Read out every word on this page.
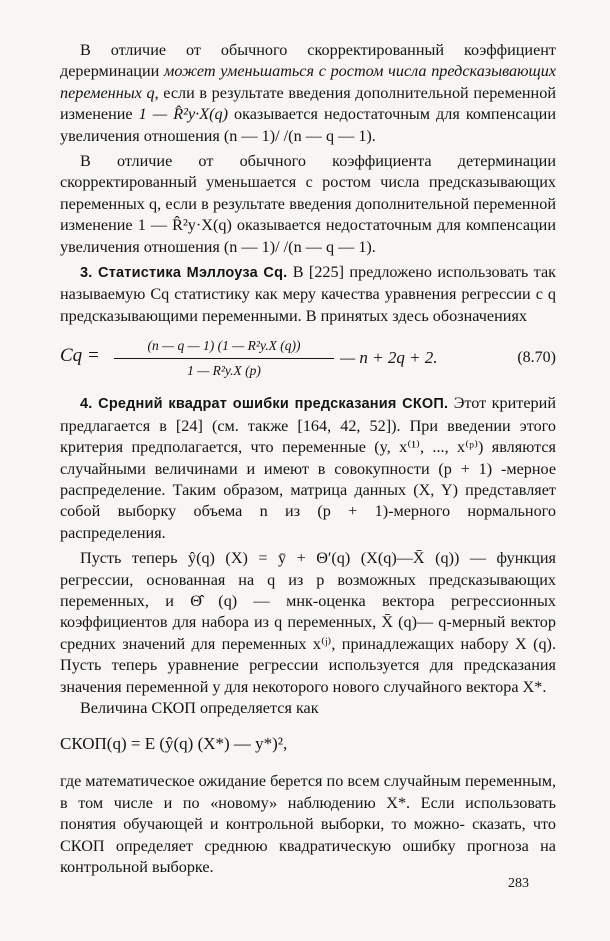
В отличие от обычного скорректированный коэффициент дерерминации может уменьшаться с ростом числа предсказывающих переменных q, если в результате введения дополнительной переменной изменение 1 — R̂²y·X(q) оказывается недостаточным для компенсации увеличения отношения (n — 1)/ /(n — q — 1).

В отличие от обычного коэффициента детерминации скорректированный уменьшается с ростом числа предсказывающих переменных q, если в результате введения дополнительной переменной изменение 1 — R̂²y·X(q) оказывается недостаточным для компенсации увеличения отношения (n — 1)/ /(n — q — 1).

3. Статистика Мэллоуза Cq. В [225] предложено использовать так называемую Cq статистику как меру качества уравнения регрессии с q предсказывающими переменными. В принятых здесь обозначениях

$Cq = \frac{\text{(n — q — 1) (1 — R²y.X (q))}}{\text{1 — R²y.X (p)}}$ — n + 2q + 2.	(8.70)

4. Средний квадрат ошибки предсказания СКОП. Этот критерий предлагается в [24] (см. также [164, 42, 52]). При введении этого критерия предполагается, что переменные (y, x⁽¹⁾, ..., x⁽ᵖ⁾) являются случайными величинами и имеют в совокупности (p + 1) -мерное распределение. Таким образом, матрица данных (X, Y) представляет собой выборку объема n из (p + 1)-мерного нормального распределения.

Пусть теперь ŷ(q) (X) = ȳ + Θ′(q) (X(q)—X̄ (q)) — функция регрессии, основанная на q из p возможных предсказывающих переменных, и Θ̂ (q) — мнк-оценка вектора регрессионных коэффициентов для набора из q переменных, X̄ (q)— q-мерный вектор средних значений для переменных x⁽ʲ⁾, принадлежащих набору X (q). Пусть теперь уравнение регрессии используется для предсказания значения переменной y для некоторого нового случайного вектора X*.

Величина СКОП определяется как

СКОП(q) = E (ŷ(q) (X*) — y*)²,

где математическое ожидание берется по всем случайным переменным, в том числе и по «новому» наблюдению X*. Если использовать понятия обучающей и контрольной выборки, то можно- сказать, что СКОП определяет среднюю квадратическую ошибку прогноза на контрольной выборке.

283
